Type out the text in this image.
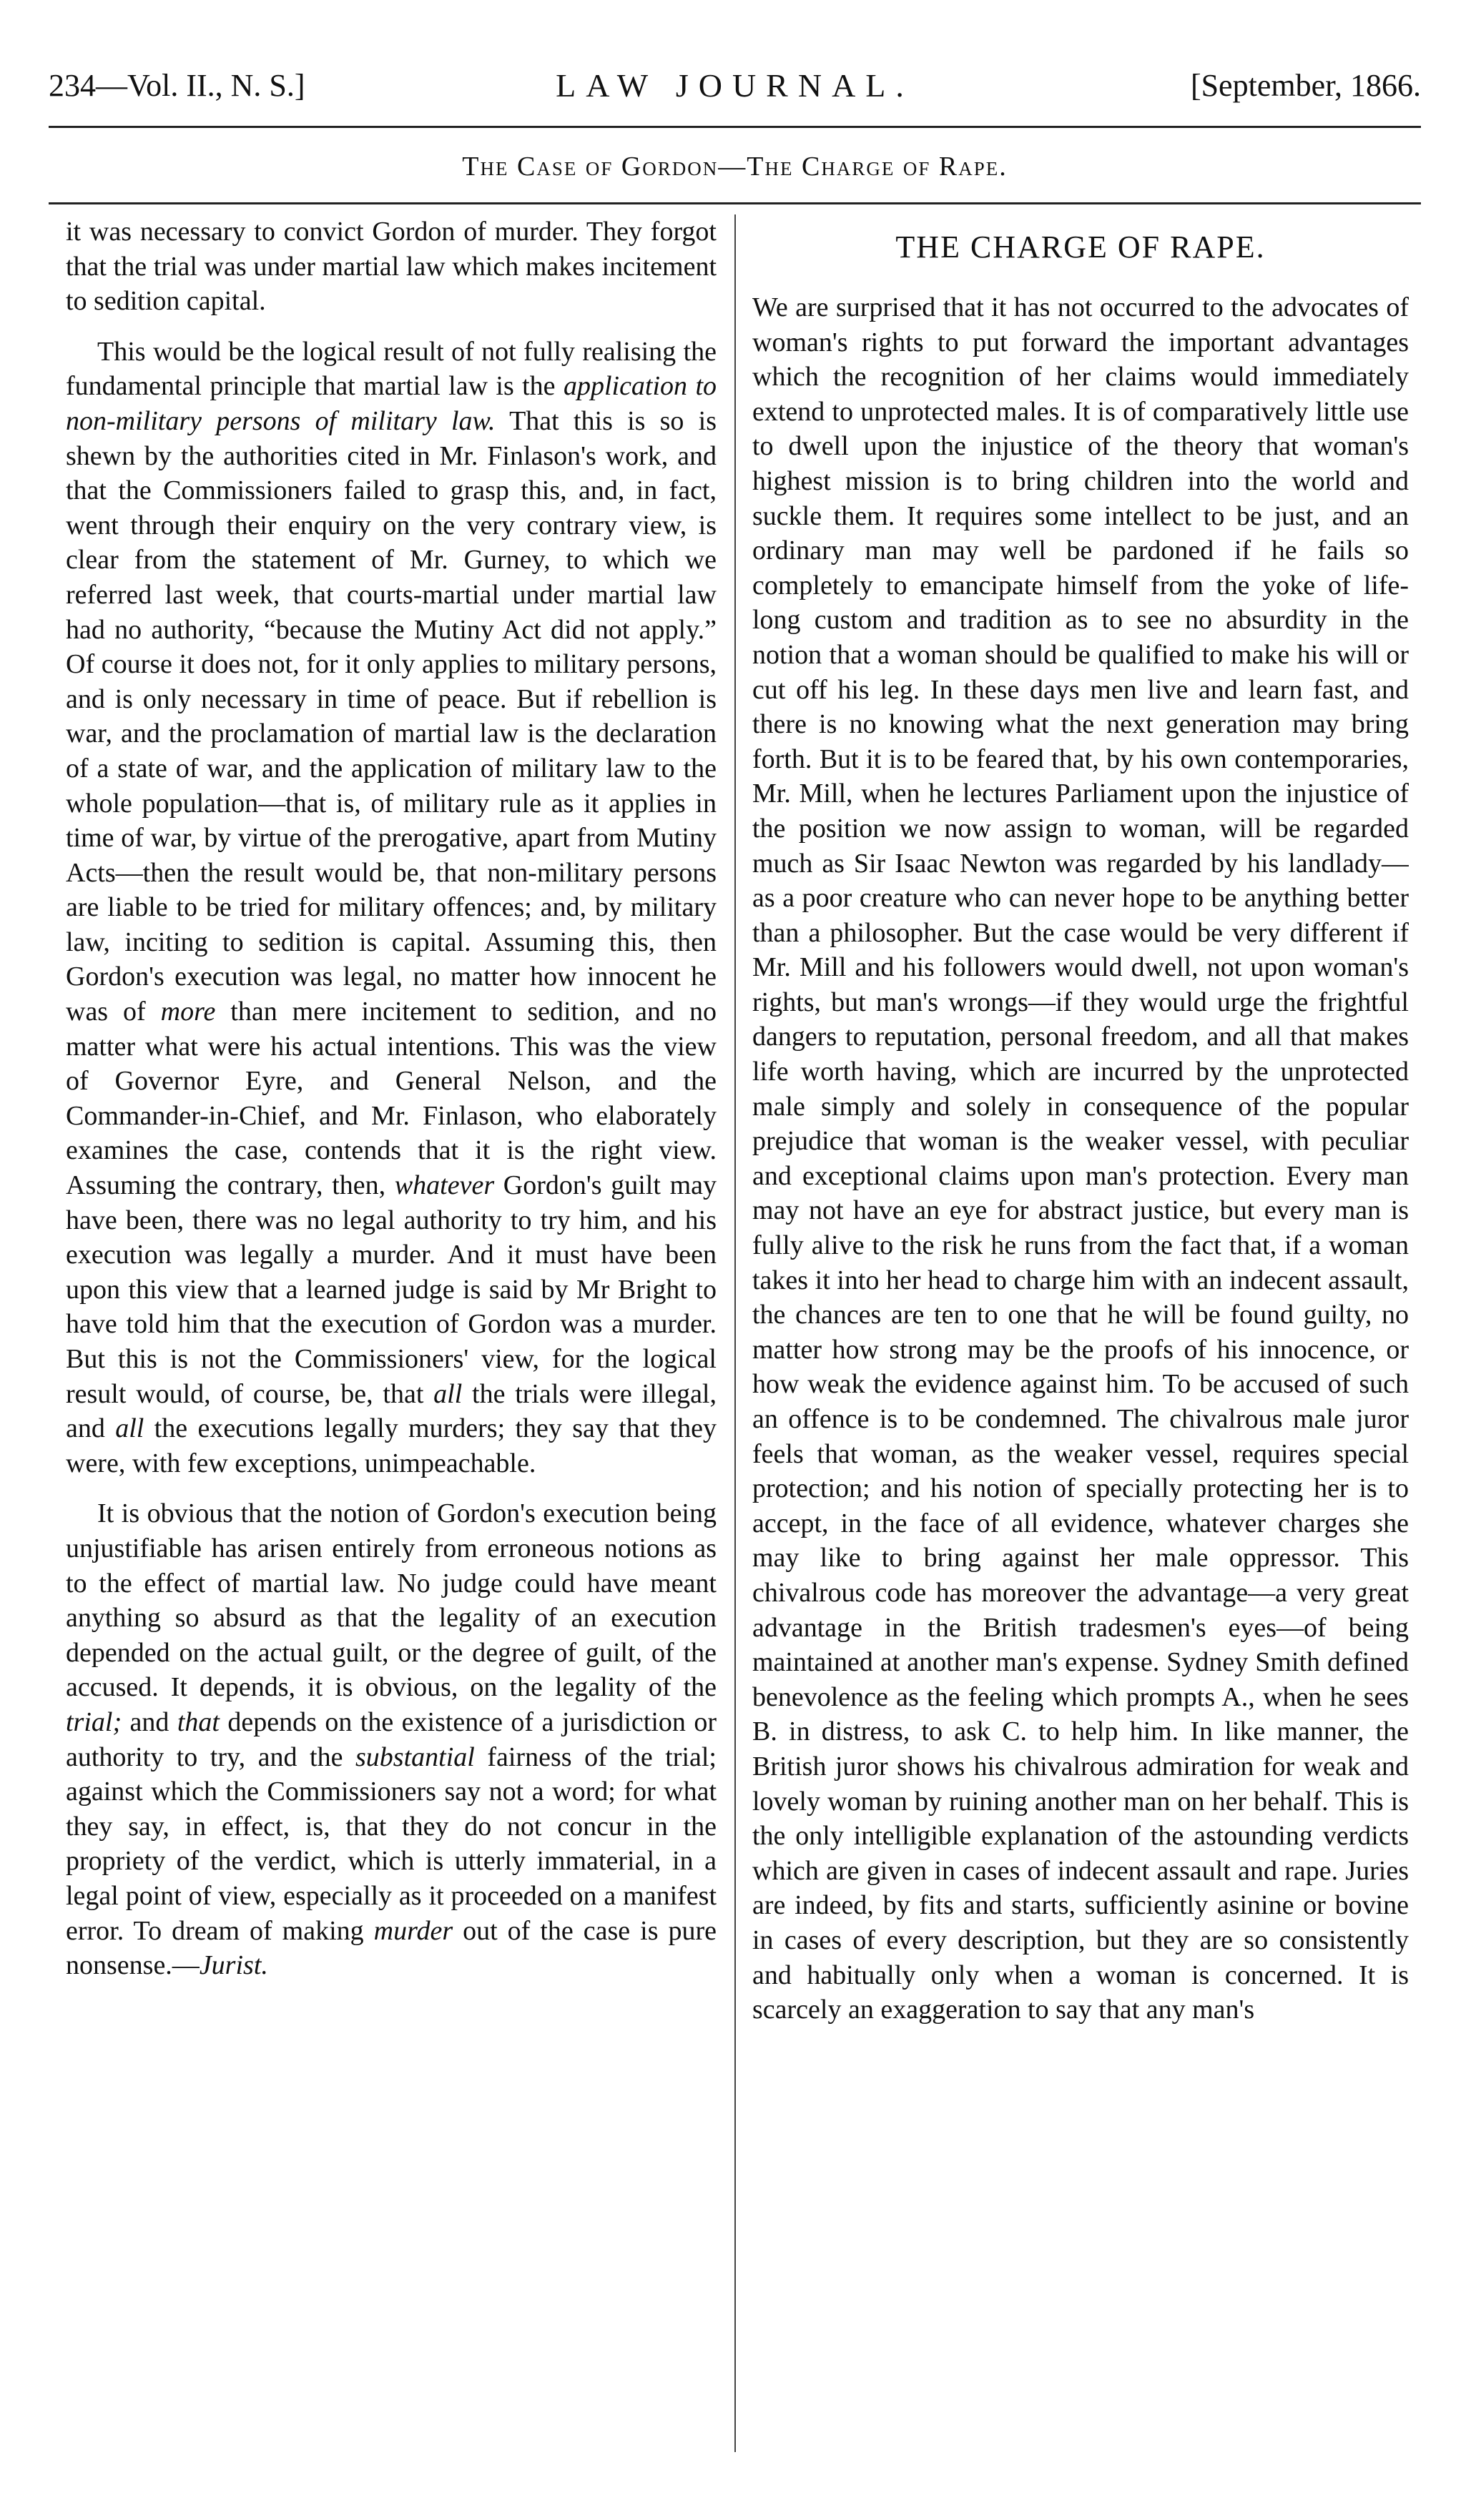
234—Vol. II., N. S.]	LAW JOURNAL.	[September, 1866.
The Case of Gordon—The Charge of Rape.

it was necessary to convict Gordon of murder. They forgot that the trial was under martial law which makes incitement to sedition capital.

This would be the logical result of not fully realising the fundamental principle that martial law is the application to non-military persons of military law. That this is so is shewn by the authorities cited in Mr. Finlason's work, and that the Commissioners failed to grasp this, and, in fact, went through their enquiry on the very contrary view, is clear from the statement of Mr. Gurney, to which we referred last week, that courts-martial under martial law had no authority, “because the Mutiny Act did not apply.” Of course it does not, for it only applies to military persons, and is only necessary in time of peace. But if rebellion is war, and the proclamation of martial law is the declaration of a state of war, and the application of military law to the whole population—that is, of military rule as it applies in time of war, by virtue of the prerogative, apart from Mutiny Acts—then the result would be, that non-military persons are liable to be tried for military offences; and, by military law, inciting to sedition is capital. Assuming this, then Gordon's execution was legal, no matter how innocent he was of more than mere incitement to sedition, and no matter what were his actual intentions. This was the view of Governor Eyre, and General Nelson, and the Commander-in-Chief, and Mr. Finlason, who elaborately examines the case, contends that it is the right view. Assuming the contrary, then, whatever Gordon's guilt may have been, there was no legal authority to try him, and his execution was legally a murder. And it must have been upon this view that a learned judge is said by Mr Bright to have told him that the execution of Gordon was a murder. But this is not the Commissioners' view, for the logical result would, of course, be, that all the trials were illegal, and all the executions legally murders; they say that they were, with few exceptions, unimpeachable.

It is obvious that the notion of Gordon's execution being unjustifiable has arisen entirely from erroneous notions as to the effect of martial law. No judge could have meant anything so absurd as that the legality of an execution depended on the actual guilt, or the degree of guilt, of the accused. It depends, it is obvious, on the legality of the trial; and that depends on the existence of a jurisdiction or authority to try, and the substantial fairness of the trial; against which the Commissioners say not a word; for what they say, in effect, is, that they do not concur in the propriety of the verdict, which is utterly immaterial, in a legal point of view, especially as it proceeded on a manifest error. To dream of making murder out of the case is pure nonsense.—Jurist.

THE CHARGE OF RAPE.

We are surprised that it has not occurred to the advocates of woman's rights to put forward the important advantages which the recognition of her claims would immediately extend to unprotected males. It is of comparatively little use to dwell upon the injustice of the theory that woman's highest mission is to bring children into the world and suckle them. It requires some intellect to be just, and an ordinary man may well be pardoned if he fails so completely to emancipate himself from the yoke of life-long custom and tradition as to see no absurdity in the notion that a woman should be qualified to make his will or cut off his leg. In these days men live and learn fast, and there is no knowing what the next generation may bring forth. But it is to be feared that, by his own contemporaries, Mr. Mill, when he lectures Parliament upon the injustice of the position we now assign to woman, will be regarded much as Sir Isaac Newton was regarded by his landlady—as a poor creature who can never hope to be anything better than a philosopher. But the case would be very different if Mr. Mill and his followers would dwell, not upon woman's rights, but man's wrongs—if they would urge the frightful dangers to reputation, personal freedom, and all that makes life worth having, which are incurred by the unprotected male simply and solely in consequence of the popular prejudice that woman is the weaker vessel, with peculiar and exceptional claims upon man's protection. Every man may not have an eye for abstract justice, but every man is fully alive to the risk he runs from the fact that, if a woman takes it into her head to charge him with an indecent assault, the chances are ten to one that he will be found guilty, no matter how strong may be the proofs of his innocence, or how weak the evidence against him. To be accused of such an offence is to be condemned. The chivalrous male juror feels that woman, as the weaker vessel, requires special protection; and his notion of specially protecting her is to accept, in the face of all evidence, whatever charges she may like to bring against her male oppressor. This chivalrous code has moreover the advantage—a very great advantage in the British tradesmen's eyes—of being maintained at another man's expense. Sydney Smith defined benevolence as the feeling which prompts A., when he sees B. in distress, to ask C. to help him. In like manner, the British juror shows his chivalrous admiration for weak and lovely woman by ruining another man on her behalf. This is the only intelligible explanation of the astounding verdicts which are given in cases of indecent assault and rape. Juries are indeed, by fits and starts, sufficiently asinine or bovine in cases of every description, but they are so consistently and habitually only when a woman is concerned. It is scarcely an exaggeration to say that any man's
